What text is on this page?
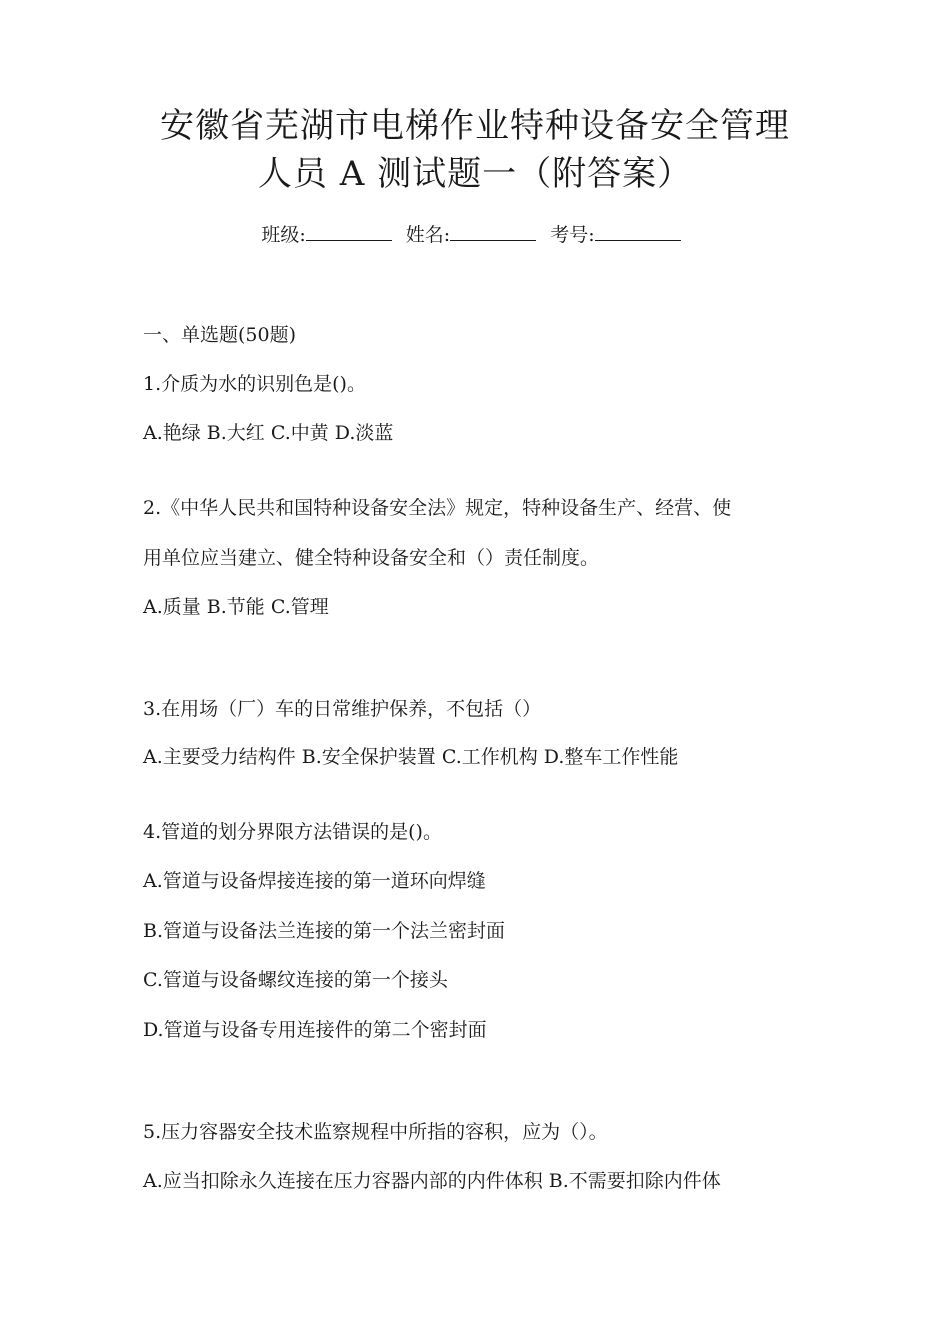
安徽省芜湖市电梯作业特种设备安全管理
人员 A 测试题一（附答案）
班级:	姓名:	考号:
一、单选题(50题)
1.介质为水的识别色是()。
A.艳绿 B.大红 C.中黄 D.淡蓝
2.《中华人民共和国特种设备安全法》规定，特种设备生产、经营、使
用单位应当建立、健全特种设备安全和（）责任制度。
A.质量 B.节能 C.管理
3.在用场（厂）车的日常维护保养，不包括（）
A.主要受力结构件 B.安全保护装置 C.工作机构 D.整车工作性能
4.管道的划分界限方法错误的是()。
A.管道与设备焊接连接的第一道环向焊缝
B.管道与设备法兰连接的第一个法兰密封面
C.管道与设备螺纹连接的第一个接头
D.管道与设备专用连接件的第二个密封面
5.压力容器安全技术监察规程中所指的容积，应为（）。
A.应当扣除永久连接在压力容器内部的内件体积 B.不需要扣除内件体
